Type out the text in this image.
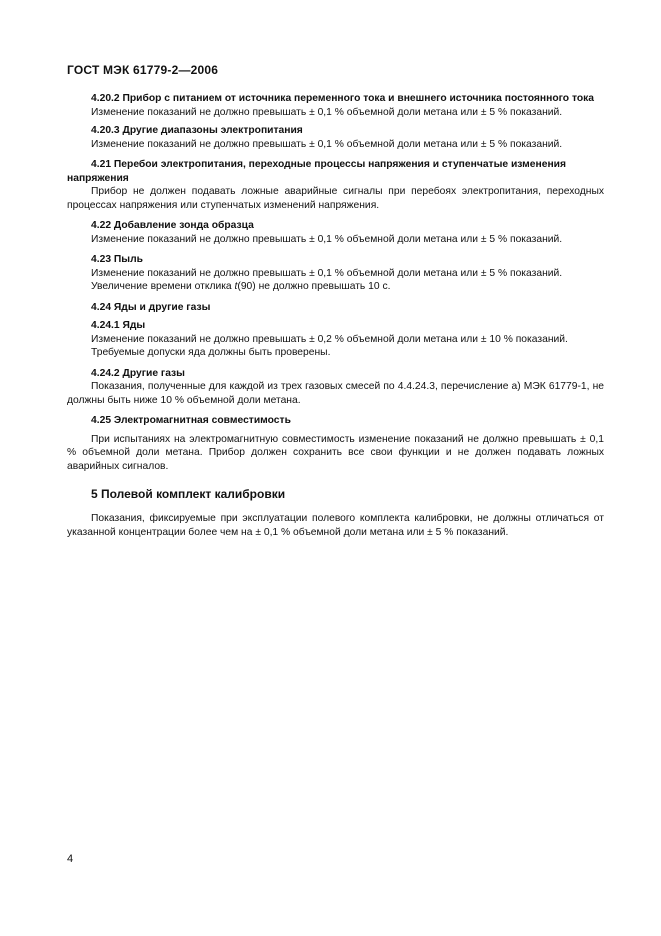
ГОСТ МЭК 61779-2—2006

4.20.2 Прибор с питанием от источника переменного тока и внешнего источника постоянного тока

Изменение показаний не должно превышать ± 0,1 % объемной доли метана или ± 5 % показаний.

4.20.3 Другие диапазоны электропитания

Изменение показаний не должно превышать ± 0,1 % объемной доли метана или ± 5 % показаний.

4.21 Перебои электропитания, переходные процессы напряжения и ступенчатые изменения напряжения

Прибор не должен подавать ложные аварийные сигналы при перебоях электропитания, переходных процессах напряжения или ступенчатых изменений напряжения.

4.22 Добавление зонда образца

Изменение показаний не должно превышать ± 0,1 % объемной доли метана или ± 5 % показаний.

4.23 Пыль

Изменение показаний не должно превышать ± 0,1 % объемной доли метана или ± 5 % показаний.

Увеличение времени отклика t(90) не должно превышать 10 с.

4.24 Яды и другие газы

4.24.1 Яды

Изменение показаний не должно превышать ± 0,2 % объемной доли метана или ± 10 % показаний.

Требуемые допуски яда должны быть проверены.

4.24.2 Другие газы

Показания, полученные для каждой из трех газовых смесей по 4.4.24.3, перечисление а) МЭК 61779-1, не должны быть ниже 10 % объемной доли метана.

4.25 Электромагнитная совместимость

При испытаниях на электромагнитную совместимость изменение показаний не должно превышать ± 0,1 % объемной доли метана. Прибор должен сохранить все свои функции и не должен подавать ложных аварийных сигналов.

5 Полевой комплект калибровки

Показания, фиксируемые при эксплуатации полевого комплекта калибровки, не должны отличаться от указанной концентрации более чем на ± 0,1 % объемной доли метана или ± 5 % показаний.

4
